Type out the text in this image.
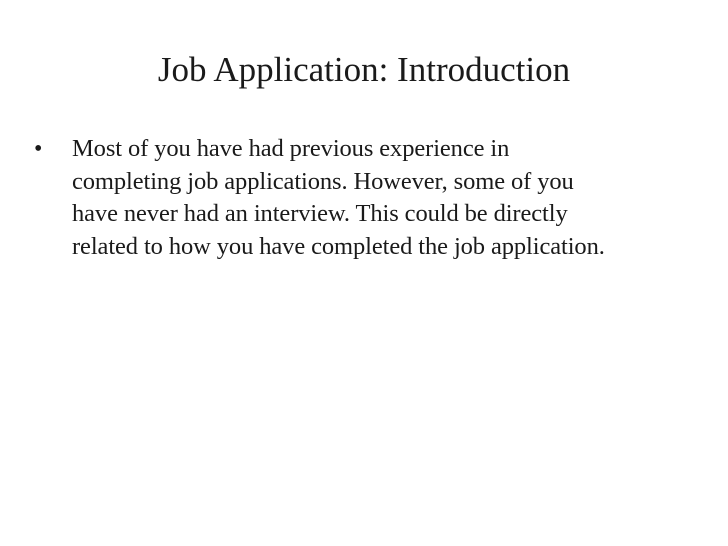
Job Application: Introduction
•	Most of you have had previous experience in
completing job applications. However, some of you
have never had an interview. This could be directly
related to how you have completed the job application.
